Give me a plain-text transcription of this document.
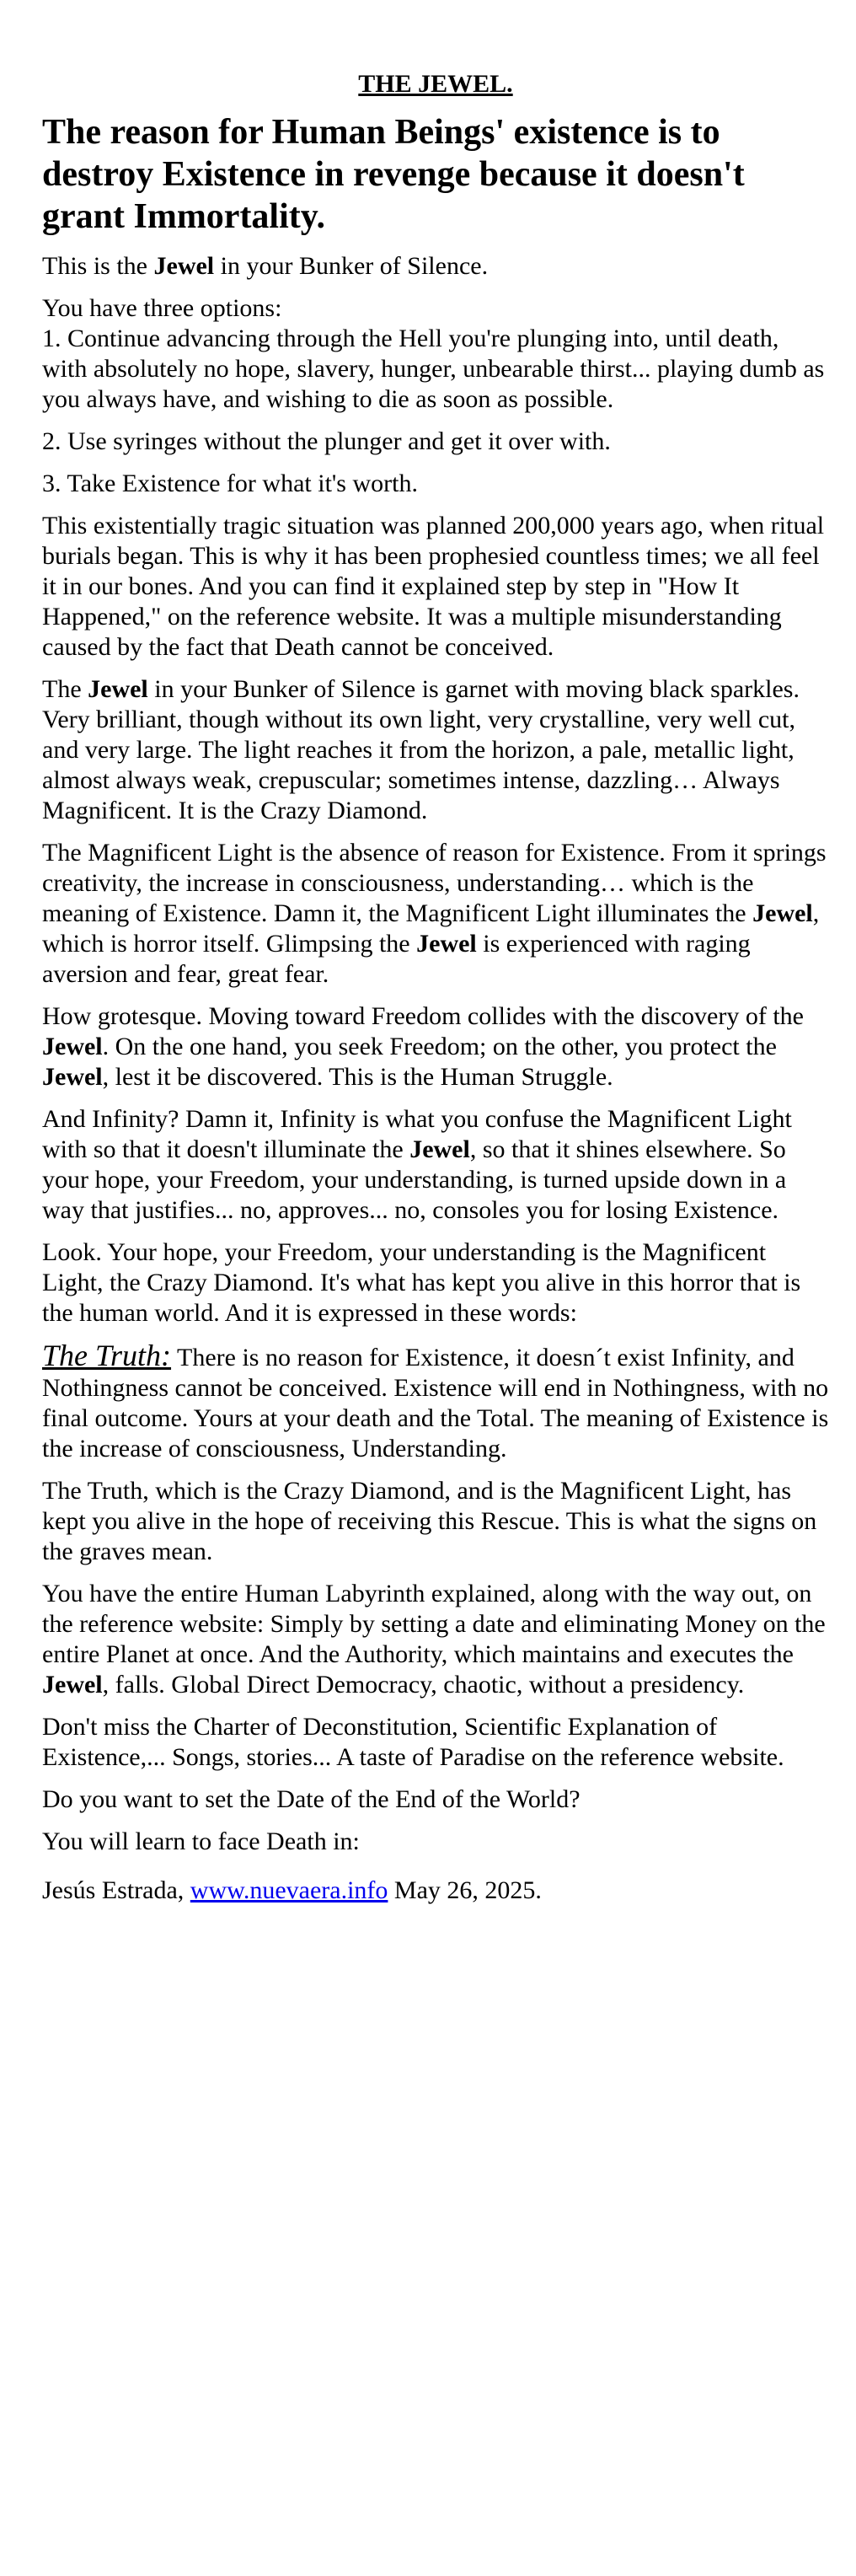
THE JEWEL.
The reason for Human Beings' existence is to destroy Existence in revenge because it doesn't grant Immortality.

This is the Jewel in your Bunker of Silence.

You have three options:
1. Continue advancing through the Hell you're plunging into, until death, with absolutely no hope, slavery, hunger, unbearable thirst... playing dumb as you always have, and wishing to die as soon as possible.

2. Use syringes without the plunger and get it over with.

3. Take Existence for what it's worth.

This existentially tragic situation was planned 200,000 years ago, when ritual burials began. This is why it has been prophesied countless times; we all feel it in our bones. And you can find it explained step by step in "How It Happened," on the reference website. It was a multiple misunderstanding caused by the fact that Death cannot be conceived.

The Jewel in your Bunker of Silence is garnet with moving black sparkles. Very brilliant, though without its own light, very crystalline, very well cut, and very large. The light reaches it from the horizon, a pale, metallic light, almost always weak, crepuscular; sometimes intense, dazzling… Always Magnificent. It is the Crazy Diamond.

The Magnificent Light is the absence of reason for Existence. From it springs creativity, the increase in consciousness, understanding… which is the meaning of Existence. Damn it, the Magnificent Light illuminates the Jewel, which is horror itself. Glimpsing the Jewel is experienced with raging aversion and fear, great fear.

How grotesque. Moving toward Freedom collides with the discovery of the Jewel. On the one hand, you seek Freedom; on the other, you protect the Jewel, lest it be discovered. This is the Human Struggle.

And Infinity? Damn it, Infinity is what you confuse the Magnificent Light with so that it doesn't illuminate the Jewel, so that it shines elsewhere. So your hope, your Freedom, your understanding, is turned upside down in a way that justifies... no, approves... no, consoles you for losing Existence.

Look. Your hope, your Freedom, your understanding is the Magnificent Light, the Crazy Diamond. It's what has kept you alive in this horror that is the human world. And it is expressed in these words:

The Truth: There is no reason for Existence, it doesn´t exist Infinity, and Nothingness cannot be conceived. Existence will end in Nothingness, with no final outcome. Yours at your death and the Total. The meaning of Existence is the increase of consciousness, Understanding.

The Truth, which is the Crazy Diamond, and is the Magnificent Light, has kept you alive in the hope of receiving this Rescue. This is what the signs on the graves mean.

You have the entire Human Labyrinth explained, along with the way out, on the reference website: Simply by setting a date and eliminating Money on the entire Planet at once. And the Authority, which maintains and executes the Jewel, falls. Global Direct Democracy, chaotic, without a presidency.

Don't miss the Charter of Deconstitution, Scientific Explanation of Existence,... Songs, stories... A taste of Paradise on the reference website.

Do you want to set the Date of the End of the World?

You will learn to face Death in:

Jesús Estrada, www.nuevaera.info May 26, 2025.
